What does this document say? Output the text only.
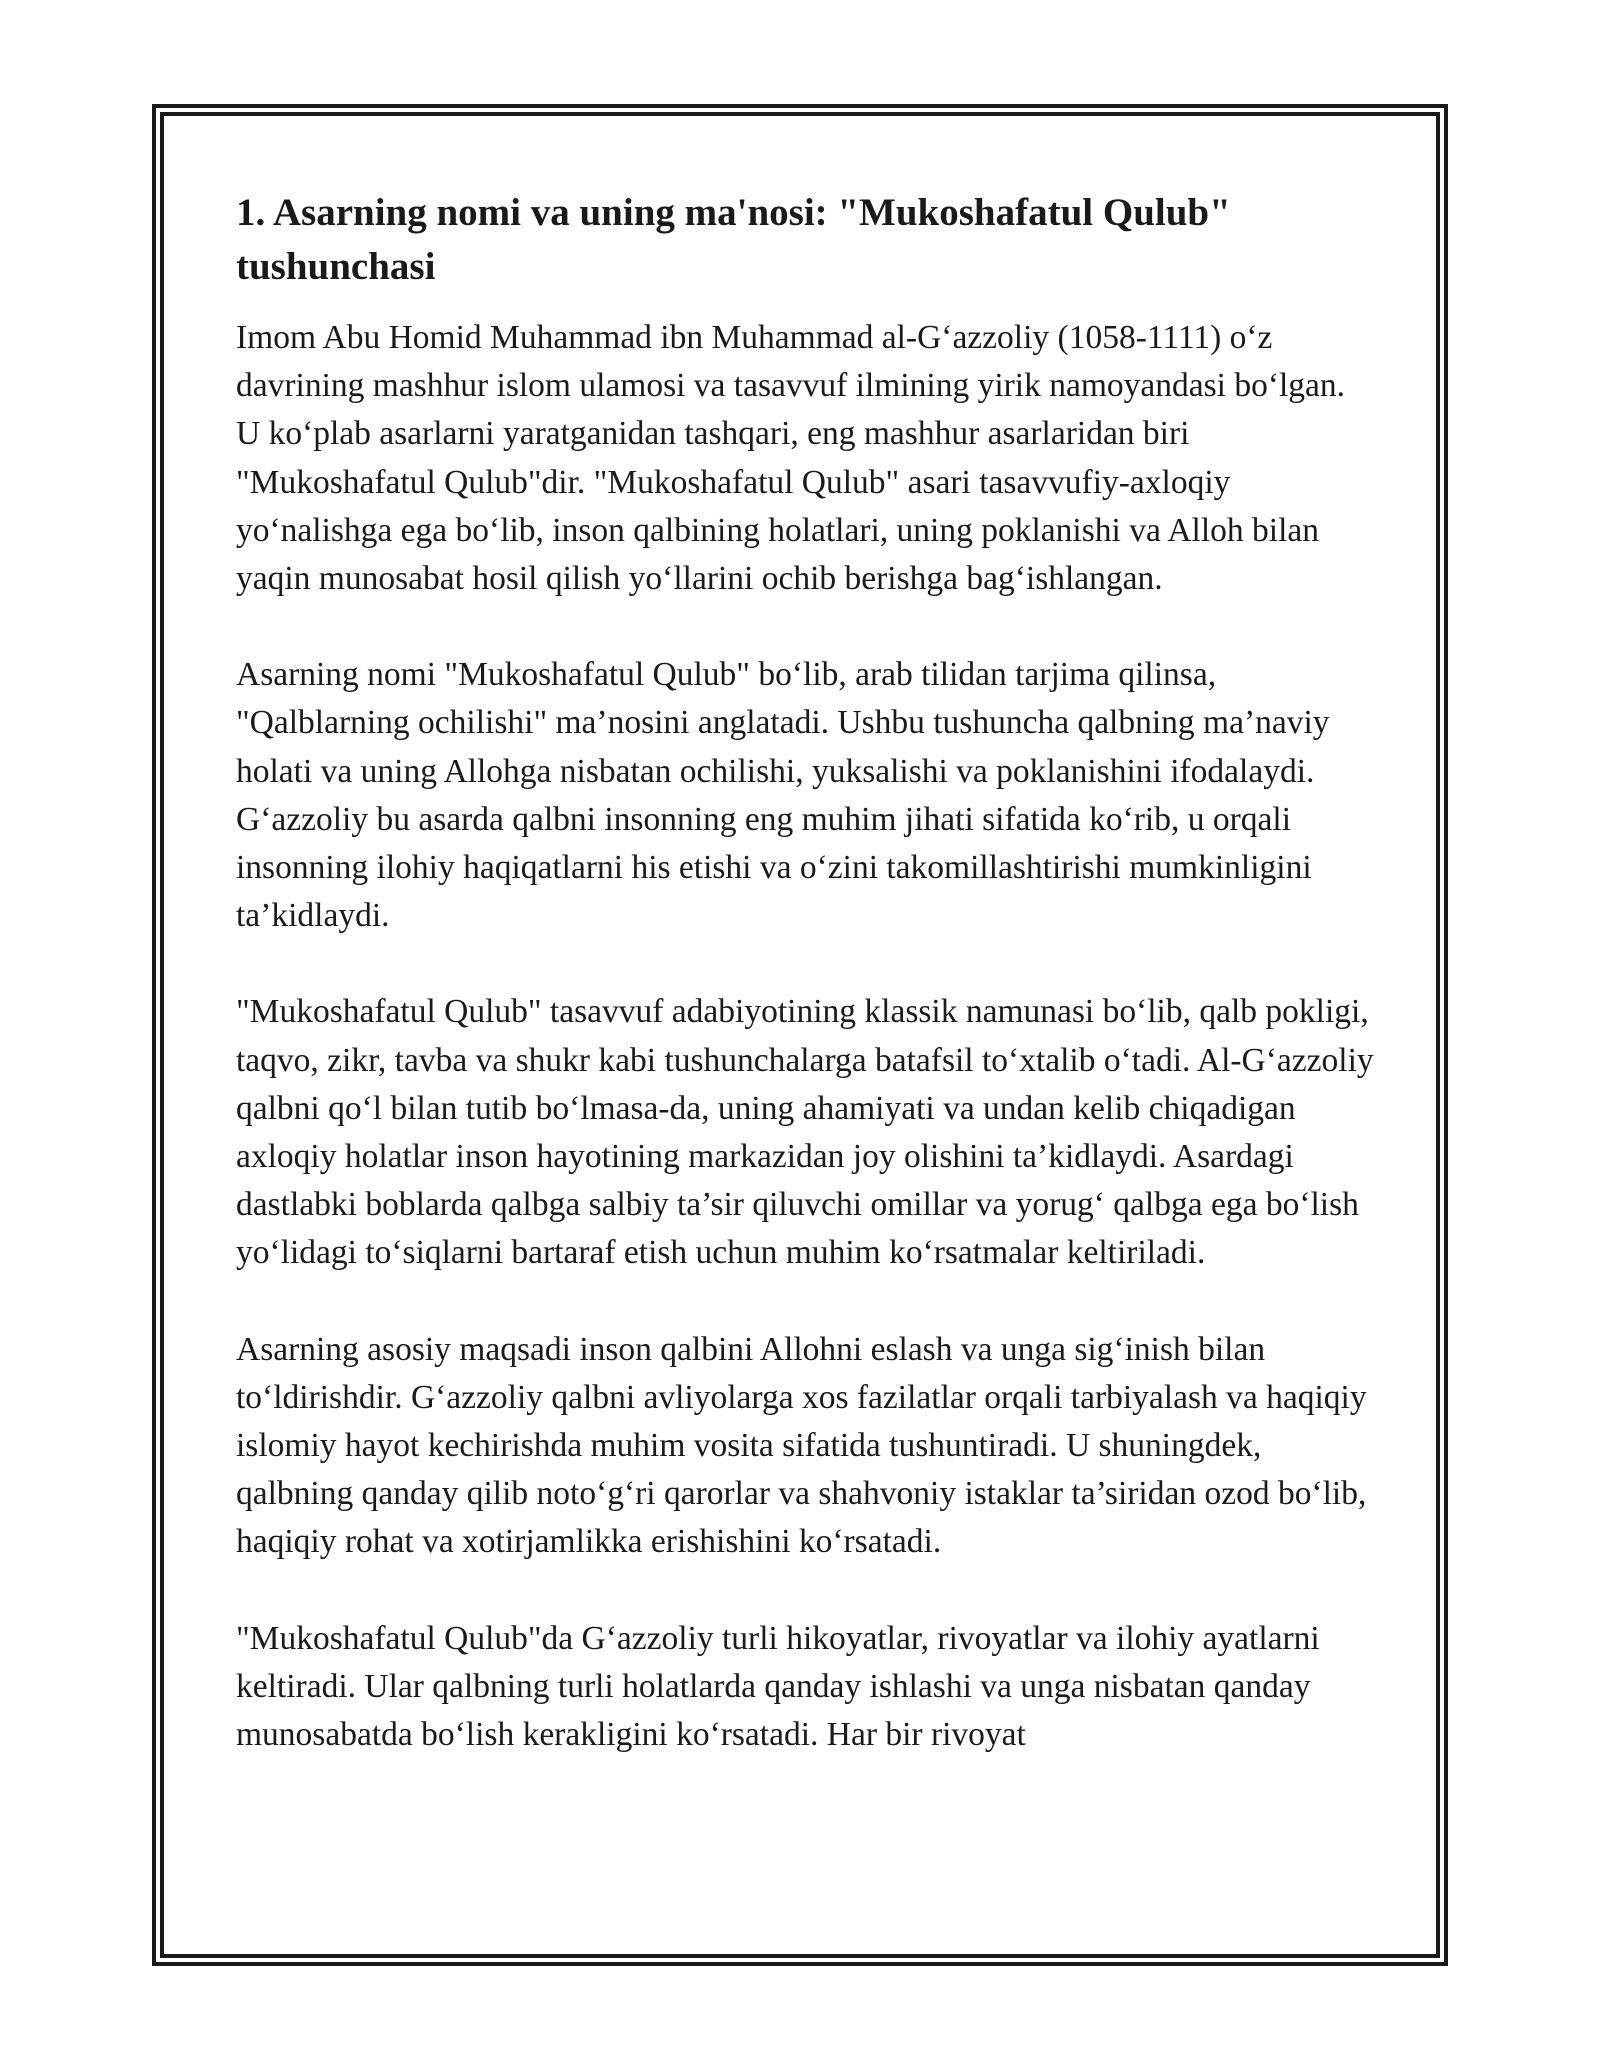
1. Asarning nomi va uning ma'nosi: "Mukoshafatul Qulub" tushunchasi

Imom Abu Homid Muhammad ibn Muhammad al-G‘azzoliy (1058-1111) o‘z davrining mashhur islom ulamosi va tasavvuf ilmining yirik namoyandasi bo‘lgan. U ko‘plab asarlarni yaratganidan tashqari, eng mashhur asarlaridan biri "Mukoshafatul Qulub"dir. "Mukoshafatul Qulub" asari tasavvufiy-axloqiy yo‘nalishga ega bo‘lib, inson qalbining holatlari, uning poklanishi va Alloh bilan yaqin munosabat hosil qilish yo‘llarini ochib berishga bag‘ishlangan.

Asarning nomi "Mukoshafatul Qulub" bo‘lib, arab tilidan tarjima qilinsa, "Qalblarning ochilishi" ma’nosini anglatadi. Ushbu tushuncha qalbning ma’naviy holati va uning Allohga nisbatan ochilishi, yuksalishi va poklanishini ifodalaydi. G‘azzoliy bu asarda qalbni insonning eng muhim jihati sifatida ko‘rib, u orqali insonning ilohiy haqiqatlarni his etishi va o‘zini takomillashtirishi mumkinligini ta’kidlaydi.

"Mukoshafatul Qulub" tasavvuf adabiyotining klassik namunasi bo‘lib, qalb pokligi, taqvo, zikr, tavba va shukr kabi tushunchalarga batafsil to‘xtalib o‘tadi. Al-G‘azzoliy qalbni qo‘l bilan tutib bo‘lmasa-da, uning ahamiyati va undan kelib chiqadigan axloqiy holatlar inson hayotining markazidan joy olishini ta’kidlaydi. Asardagi dastlabki boblarda qalbga salbiy ta’sir qiluvchi omillar va yorug‘ qalbga ega bo‘lish yo‘lidagi to‘siqlarni bartaraf etish uchun muhim ko‘rsatmalar keltiriladi.

Asarning asosiy maqsadi inson qalbini Allohni eslash va unga sig‘inish bilan to‘ldirishdir. G‘azzoliy qalbni avliyolarga xos fazilatlar orqali tarbiyalash va haqiqiy islomiy hayot kechirishda muhim vosita sifatida tushuntiradi. U shuningdek, qalbning qanday qilib noto‘g‘ri qarorlar va shahvoniy istaklar ta’siridan ozod bo‘lib, haqiqiy rohat va xotirjamlikka erishishini ko‘rsatadi.

"Mukoshafatul Qulub"da G‘azzoliy turli hikoyatlar, rivoyatlar va ilohiy ayatlarni keltiradi. Ular qalbning turli holatlarda qanday ishlashi va unga nisbatan qanday munosabatda bo‘lish kerakligini ko‘rsatadi. Har bir rivoyat
